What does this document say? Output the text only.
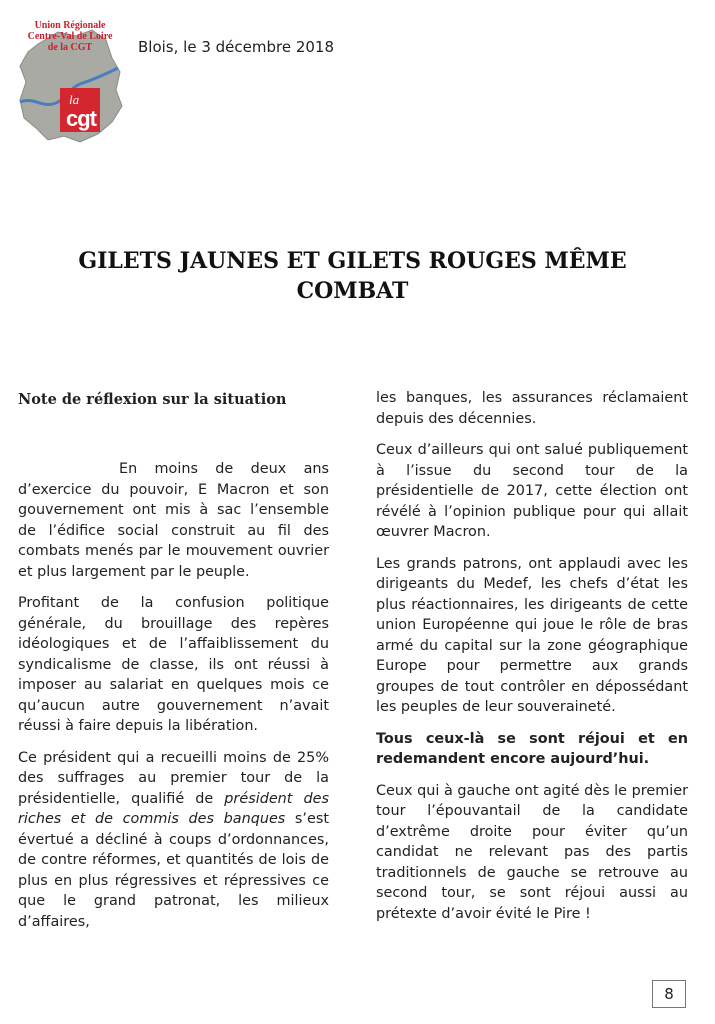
Union Régionale
Centre-Val de Loire
de la CGT
la
cgt
Blois, le 3 décembre 2018
GILETS JAUNES ET GILETS ROUGES MÊME COMBAT

Note de réflexion sur la situation

En moins de deux ans d’exercice du pouvoir, E Macron et son gouvernement ont mis à sac l’ensemble de l’édifice social construit au fil des combats menés par le mouvement ouvrier et plus largement par le peuple.

Profitant de la confusion politique générale, du brouillage des repères idéologiques et de l’affaiblissement du syndicalisme de classe, ils ont réussi à imposer au salariat en quelques mois ce qu’aucun autre gouvernement n’avait réussi à faire depuis la libération.

Ce président qui a recueilli moins de 25% des suffrages au premier tour de la présidentielle, qualifié de président des riches et de commis des banques s’est évertué a décliné à coups d’ordonnances, de contre réformes, et quantités de lois de plus en plus régressives et répressives ce que le grand patronat, les milieux d’affaires,

les banques, les assurances réclamaient depuis des décennies.

Ceux d’ailleurs qui ont salué publiquement à l’issue du second tour de la présidentielle de 2017, cette élection ont révélé à l’opinion publique pour qui allait œuvrer Macron.

Les grands patrons, ont applaudi avec les dirigeants du Medef, les chefs d’état les plus réactionnaires, les dirigeants de cette union Européenne qui joue le rôle de bras armé du capital sur la zone géographique Europe pour permettre aux grands groupes de tout contrôler en dépossédant les peuples de leur souveraineté.

Tous ceux-là se sont réjoui et en redemandent encore aujourd’hui.

Ceux qui à gauche ont agité dès le premier tour l’épouvantail de la candidate d’extrême droite pour éviter qu’un candidat ne relevant pas des partis traditionnels de gauche se retrouve au second tour, se sont réjoui aussi au prétexte d’avoir évité le Pire !

8
